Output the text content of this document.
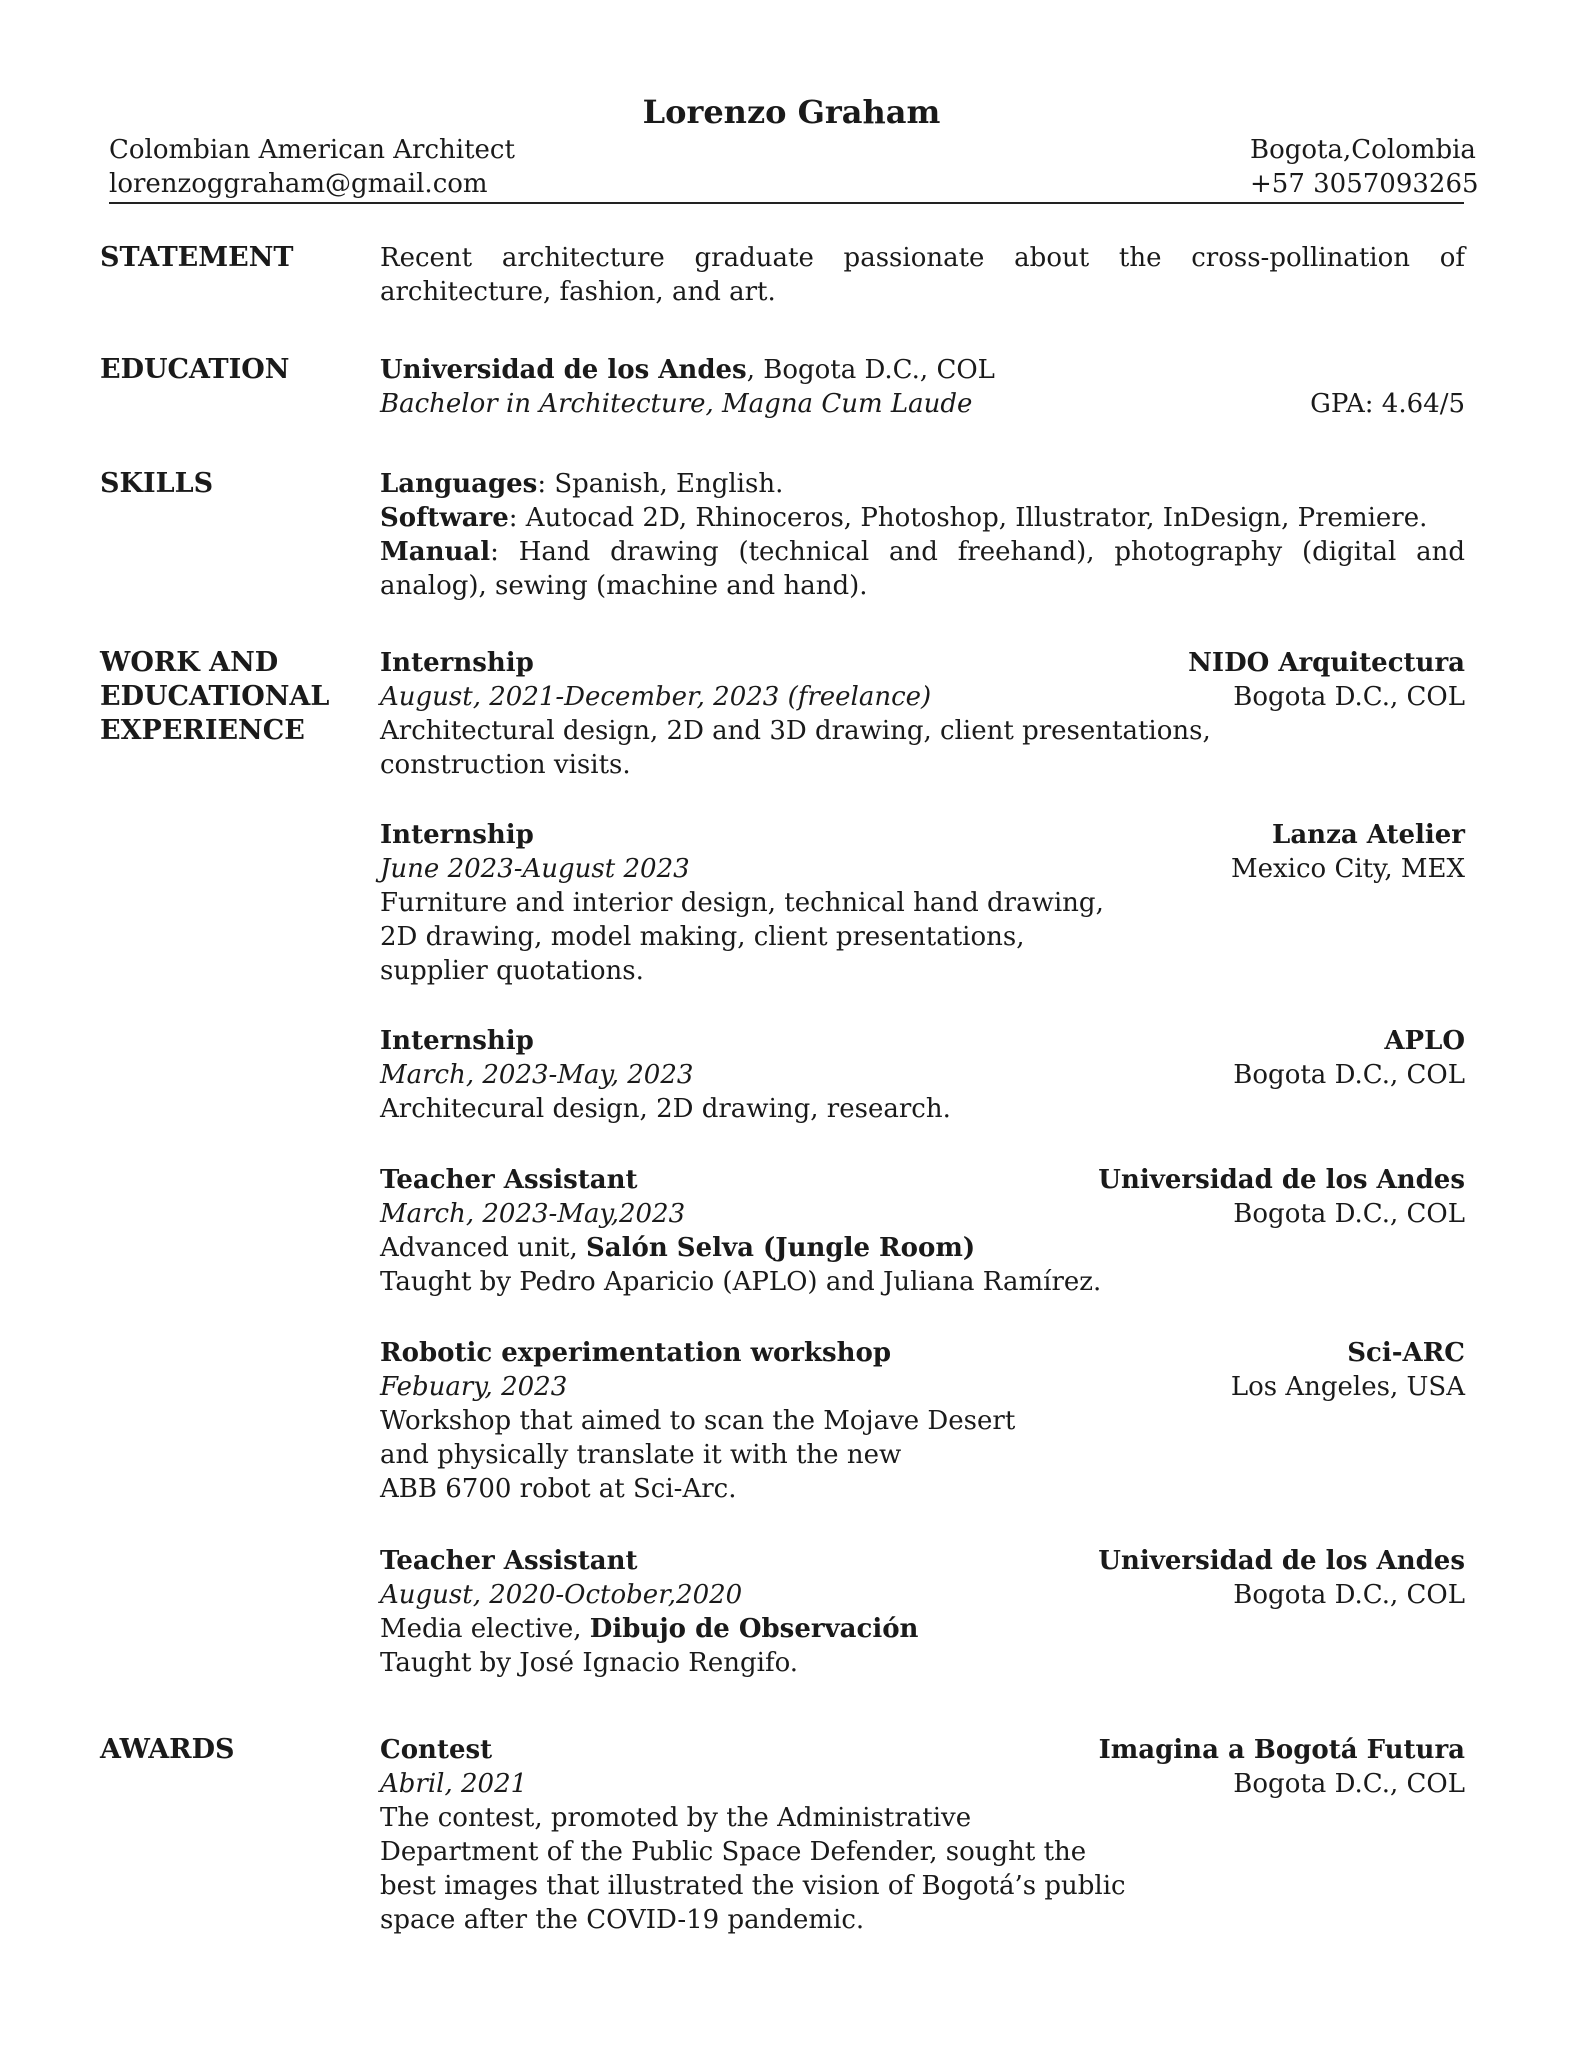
Lorenzo Graham
Colombian American Architect	Bogota,Colombia
lorenzoggraham@gmail.com	+57 3057093265
STATEMENT	Recent architecture graduate passionate about the cross-pollination of architecture, fashion, and art.
EDUCATION	Universidad de los Andes, Bogota D.C., COL
Bachelor in Architecture, Magna Cum Laude	GPA: 4.64/5
SKILLS	Languages: Spanish, English.
Software: Autocad 2D, Rhinoceros, Photoshop, Illustrator, InDesign, Premiere.
Manual: Hand drawing (technical and freehand), photography (digital and analog), sewing (machine and hand).
WORK AND
EDUCATIONAL
EXPERIENCE
Internship	NIDO Arquitectura
August, 2021-December, 2023 (freelance)	Bogota D.C., COL
Architectural design, 2D and 3D drawing, client presentations,
construction visits.
Internship	Lanza Atelier
June 2023-August 2023	Mexico City, MEX
Furniture and interior design, technical hand drawing,
2D drawing, model making, client presentations,
supplier quotations.
Internship	APLO
March, 2023-May, 2023	Bogota D.C., COL
Architecural design, 2D drawing, research.
Teacher Assistant	Universidad de los Andes
March, 2023-May,2023	Bogota D.C., COL
Advanced unit, Salón Selva (Jungle Room)
Taught by Pedro Aparicio (APLO) and Juliana Ramírez.
Robotic experimentation workshop	Sci-ARC
Febuary, 2023	Los Angeles, USA
Workshop that aimed to scan the Mojave Desert
and physically translate it with the new
ABB 6700 robot at Sci-Arc.
Teacher Assistant	Universidad de los Andes
August, 2020-October,2020	Bogota D.C., COL
Media elective, Dibujo de Observación
Taught by José Ignacio Rengifo.
AWARDS	Contest	Imagina a Bogotá Futura
Abril, 2021	Bogota D.C., COL
The contest, promoted by the Administrative
Department of the Public Space Defender, sought the
best images that illustrated the vision of Bogotá’s public
space after the COVID-19 pandemic.
